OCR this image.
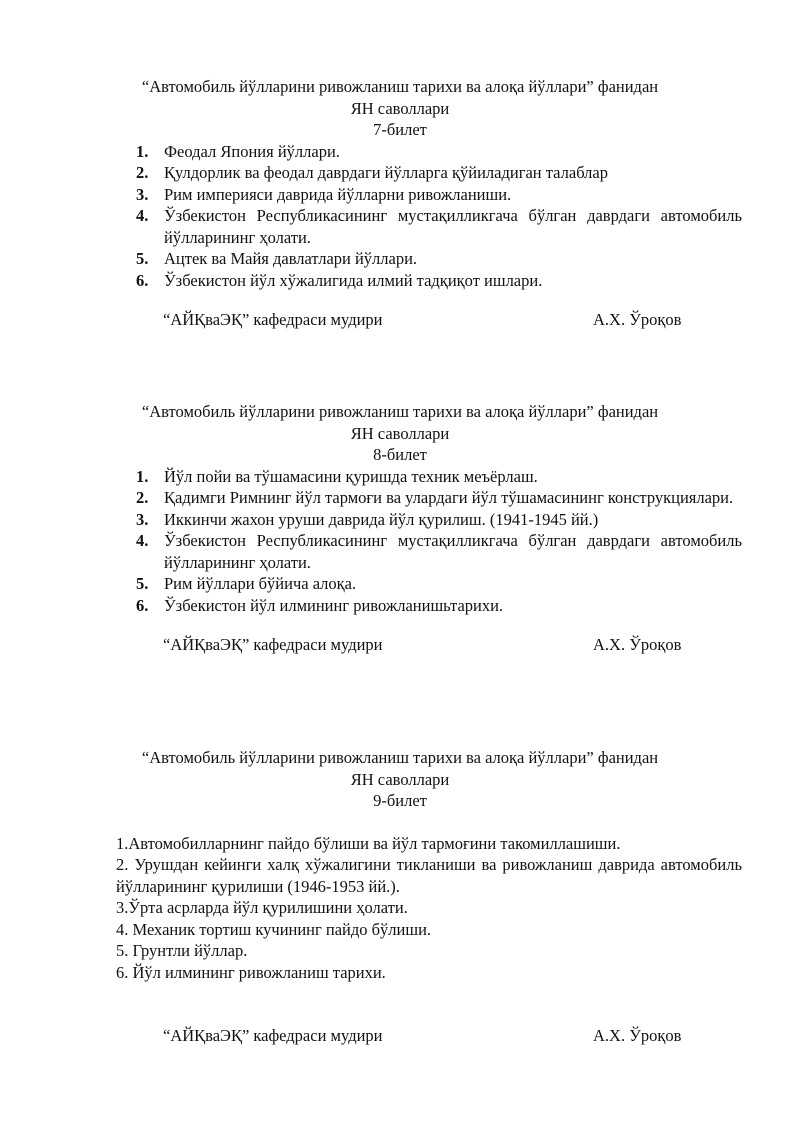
“Автомобиль йўлларини ривожланиш тарихи ва алоқа йўллари” фанидан

ЯН саволлари

7-билет

1. Феодал Япония йўллари.
2. Қулдорлик ва феодал даврдаги йўлларга қўйиладиган талаблар
3. Рим империяси даврида йўлларни ривожланиши.
4. Ўзбекистон Республикасининг мустақилликгача бўлган даврдаги автомобиль йўлларининг ҳолати.
5. Ацтек ва Майя давлатлари йўллари.
6. Ўзбекистон йўл хўжалигида илмий тадқиқот ишлари.
“АЙҚваЭҚ” кафедраси мудири	А.Х. Ўроқов

“Автомобиль йўлларини ривожланиш тарихи ва алоқа йўллари” фанидан

ЯН саволлари

8-билет

1. Йўл пойи ва тўшамасини қуришда техник меъёрлаш.
2. Қадимги Римнинг йўл тармоғи ва улардаги йўл тўшамасининг конструкциялари.
3. Иккинчи жахон уруши даврида йўл қурилиш. (1941-1945 йй.)
4. Ўзбекистон Республикасининг мустақилликгача бўлган даврдаги автомобиль йўлларининг ҳолати.
5. Рим йўллари бўйича алоқа.
6. Ўзбекистон йўл илмининг ривожланишьтарихи.
“АЙҚваЭҚ” кафедраси мудири	А.Х. Ўроқов

“Автомобиль йўлларини ривожланиш тарихи ва алоқа йўллари” фанидан

ЯН саволлари

9-билет

1.Автомобилларнинг пайдо бўлиши ва йўл тармоғини такомиллашиши.

2. Урушдан кейинги халқ хўжалигини тикланиши ва ривожланиш даврида автомобиль йўлларининг қурилиши (1946-1953 йй.).

3.Ўрта асрларда йўл қурилишини ҳолати.

4. Механик тортиш кучининг пайдо бўлиши.

5. Грунтли йўллар.

6. Йўл илмининг ривожланиш тарихи.

“АЙҚваЭҚ” кафедраси мудири	А.Х. Ўроқов
